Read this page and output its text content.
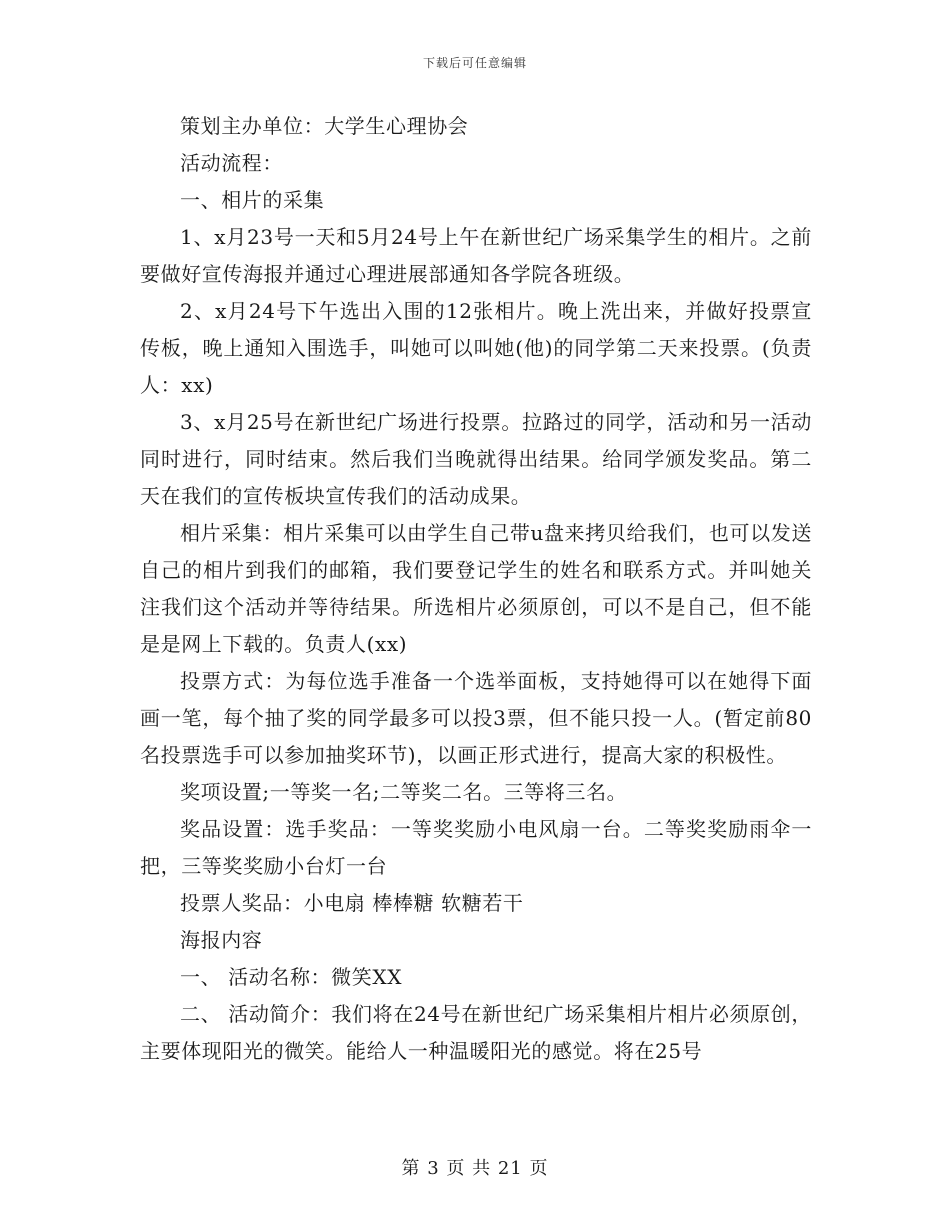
下载后可任意编辑

策划主办单位：大学生心理协会

活动流程：

一、相片的采集

1、x月23号一天和5月24号上午在新世纪广场采集学生的相片。之前要做好宣传海报并通过心理进展部通知各学院各班级。

2、x月24号下午选出入围的12张相片。晚上洗出来，并做好投票宣传板，晚上通知入围选手，叫她可以叫她(他)的同学第二天来投票。(负责人：xx)

3、x月25号在新世纪广场进行投票。拉路过的同学，活动和另一活动同时进行，同时结束。然后我们当晚就得出结果。给同学颁发奖品。第二天在我们的宣传板块宣传我们的活动成果。

相片采集：相片采集可以由学生自己带u盘来拷贝给我们，也可以发送自己的相片到我们的邮箱，我们要登记学生的姓名和联系方式。并叫她关注我们这个活动并等待结果。所选相片必须原创，可以不是自己，但不能是是网上下载的。负责人(xx)

投票方式：为每位选手准备一个选举面板，支持她得可以在她得下面画一笔，每个抽了奖的同学最多可以投3票，但不能只投一人。(暂定前80名投票选手可以参加抽奖环节)，以画正形式进行，提高大家的积极性。

奖项设置;一等奖一名;二等奖二名。三等将三名。

奖品设置：选手奖品：一等奖奖励小电风扇一台。二等奖奖励雨伞一把，三等奖奖励小台灯一台

投票人奖品：小电扇 棒棒糖 软糖若干

海报内容

一、 活动名称：微笑XX

二、 活动简介：我们将在24号在新世纪广场采集相片相片必须原创，主要体现阳光的微笑。能给人一种温暖阳光的感觉。将在25号

第 3 页 共 21 页
